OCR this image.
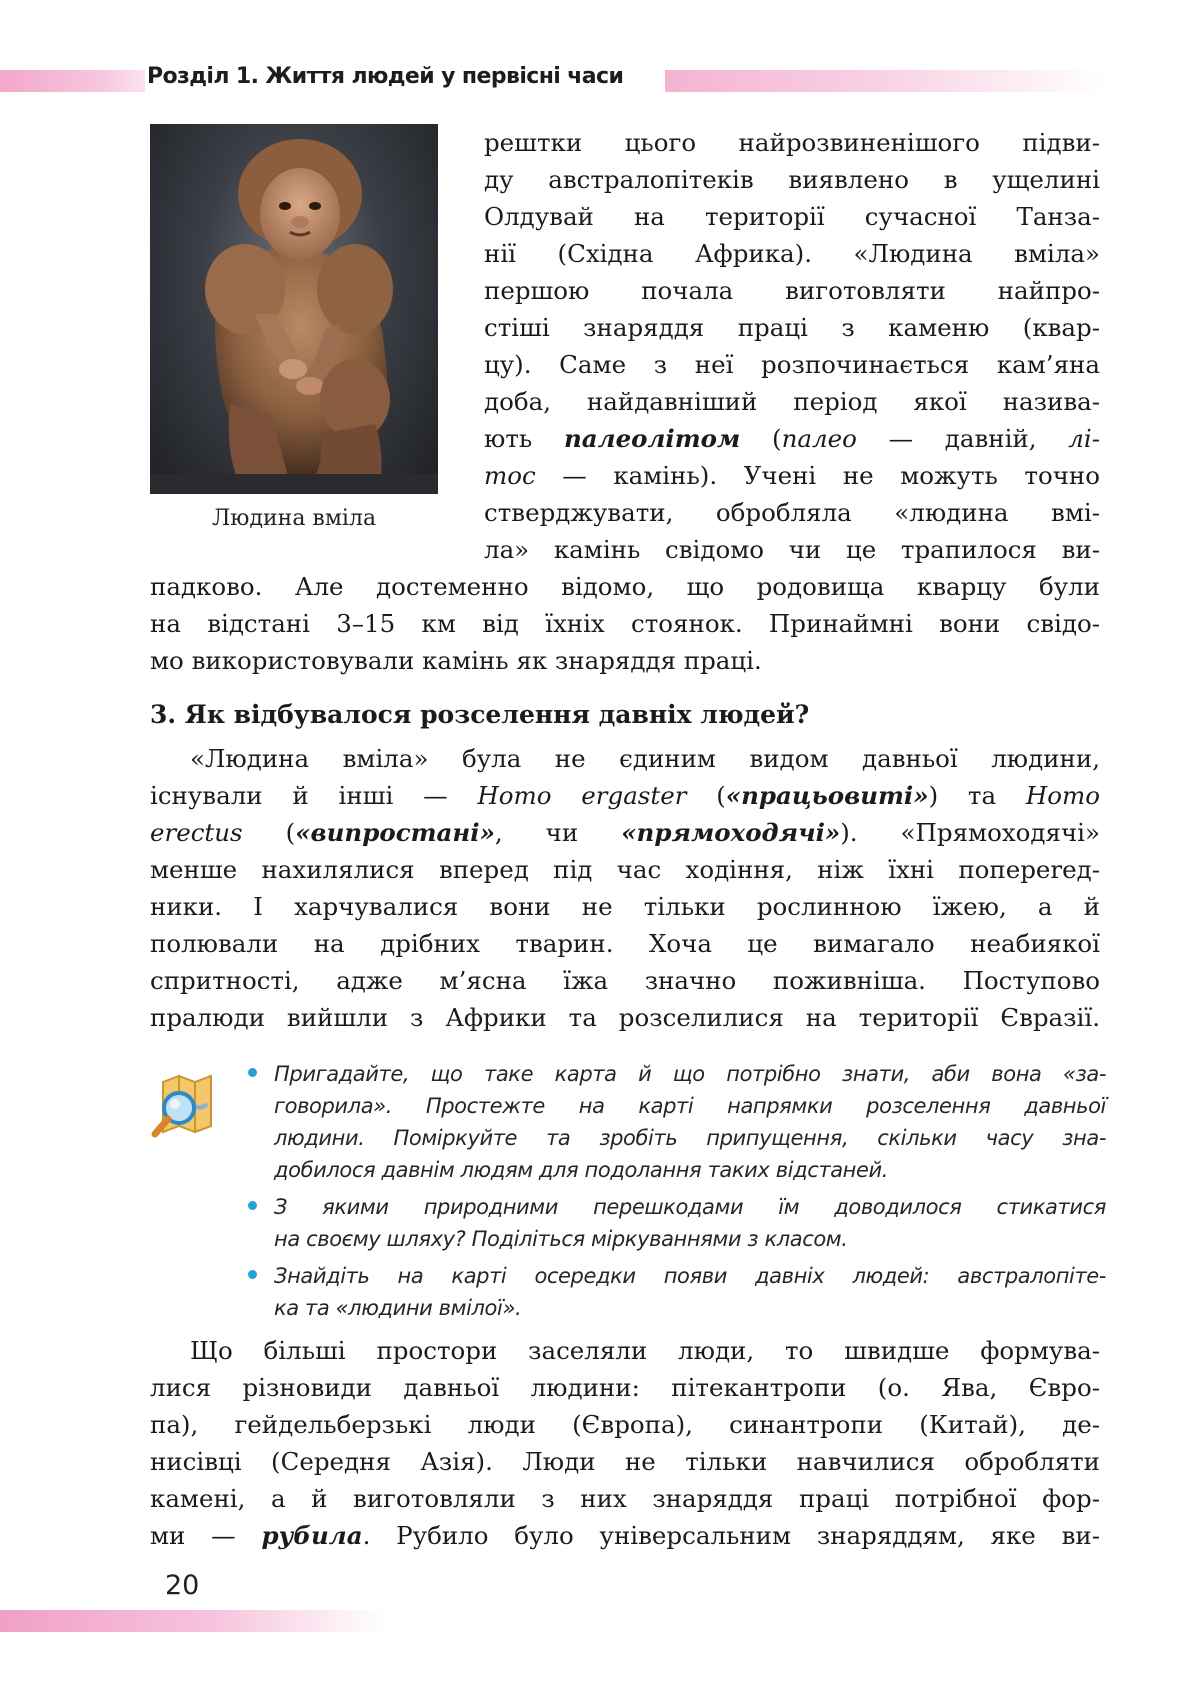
Розділ 1. Життя людей у первісні часи
Людина вміла
рештки цього найрозвиненішого підви-
ду австралопітеків виявлено в ущелині
Олдувай на території сучасної Танза-
нії (Східна Африка). «Людина вміла»
першою почала виготовляти найпро-
стіші знаряддя праці з каменю (квар-
цу). Саме з неї розпочинається кам’яна
доба, найдавніший період якої назива-
ють палеолітом (палео — давній, лі-
тос — камінь). Учені не можуть точно
стверджувати, обробляла «людина вмі-
ла» камінь свідомо чи це трапилося ви-
падково. Але достеменно відомо, що родовища кварцу були
на відстані 3–15 км від їхніх стоянок. Принаймні вони свідо-
мо використовували камінь як знаряддя праці.
3. Як відбувалося розселення давніх людей?
«Людина вміла» була не єдиним видом давньої людини,
існували й інші — Homo ergaster («працьовиті») та Homo
erectus («випростані», чи «прямоходячі»). «Прямоходячі»
менше нахилялися вперед під час ходіння, ніж їхні попеperед-
ники. І харчувалися вони не тільки рослинною їжею, а й
полювали на дрібних тварин. Хоча це вимагало неабиякої
спритності, адже м’ясна їжа значно поживніша. Поступово
пралюди вийшли з Африки та розселилися на території Євразії.
Пригадайте, що таке карта й що потрібно знати, аби вона «за-
говорила». Простежте на карті напрямки розселення давньої
людини. Поміркуйте та зробіть припущення, скільки часу зна-
добилося давнім людям для подолання таких відстаней.
З якими природними перешкодами їм доводилося стикатися
на своєму шляху? Поділіться міркуваннями з класом.
Знайдіть на карті осередки появи давніх людей: австралопіте-
ка та «людини вмілої».
Що більші простори заселяли люди, то швидше формува-
лися різновиди давньої людини: пітекантропи (о. Ява, Євро-
па), гейдельберзькі люди (Європа), синантропи (Китай), де-
нисівці (Середня Азія). Люди не тільки навчилися обробляти
камені, а й виготовляли з них знаряддя праці потрібної фор-
ми — рубила. Рубило було універсальним знаряддям, яке ви-
20
